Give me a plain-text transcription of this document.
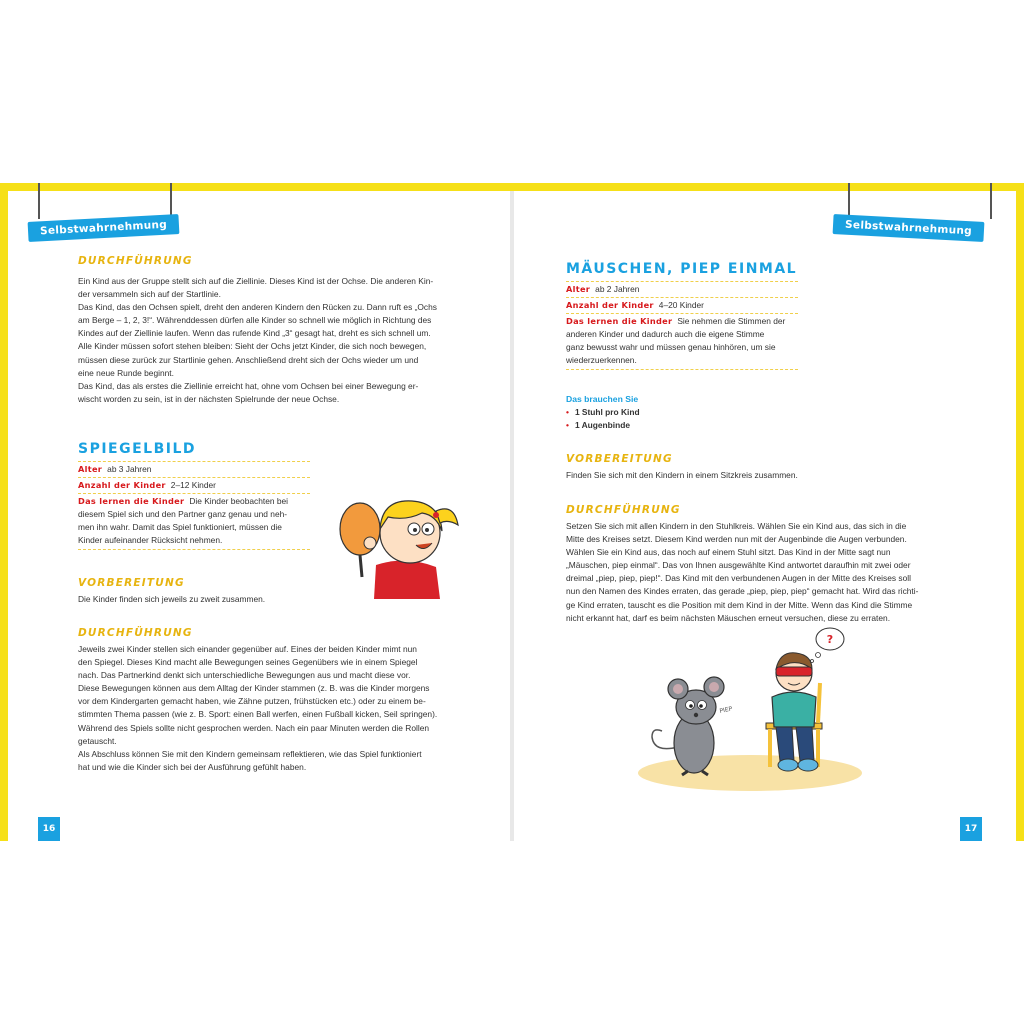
Selbstwahrnehmung
DURCHFÜHRUNG

Ein Kind aus der Gruppe stellt sich auf die Ziellinie. Dieses Kind ist der Ochse. Die anderen Kin-

der versammeln sich auf der Startlinie.

Das Kind, das den Ochsen spielt, dreht den anderen Kindern den Rücken zu. Dann ruft es „Ochs

am Berge – 1, 2, 3!“. Währenddessen dürfen alle Kinder so schnell wie möglich in Richtung des

Kindes auf der Ziellinie laufen. Wenn das rufende Kind „3“ gesagt hat, dreht es sich schnell um.

Alle Kinder müssen sofort stehen bleiben: Sieht der Ochs jetzt Kinder, die sich noch bewegen,

müssen diese zurück zur Startlinie gehen. Anschließend dreht sich der Ochs wieder um und

eine neue Runde beginnt.

Das Kind, das als erstes die Ziellinie erreicht hat, ohne vom Ochsen bei einer Bewegung er-

wischt worden zu sein, ist in der nächsten Spielrunde der neue Ochse.

SPIEGELBILD
Alter ab 3 Jahren
Anzahl der Kinder 2–12 Kinder
Das lernen die Kinder Die Kinder beobachten bei
diesem Spiel sich und den Partner ganz genau und neh-
men ihn wahr. Damit das Spiel funktioniert, müssen die
Kinder aufeinander Rücksicht nehmen.
VORBEREITUNG
Die Kinder finden sich jeweils zu zweit zusammen.
DURCHFÜHRUNG

Jeweils zwei Kinder stellen sich einander gegenüber auf. Eines der beiden Kinder mimt nun

den Spiegel. Dieses Kind macht alle Bewegungen seines Gegenübers wie in einem Spiegel

nach. Das Partnerkind denkt sich unterschiedliche Bewegungen aus und macht diese vor.

Diese Bewegungen können aus dem Alltag der Kinder stammen (z. B. was die Kinder morgens

vor dem Kindergarten gemacht haben, wie Zähne putzen, frühstücken etc.) oder zu einem be-

stimmten Thema passen (wie z. B. Sport: einen Ball werfen, einen Fußball kicken, Seil springen).

Während des Spiels sollte nicht gesprochen werden. Nach ein paar Minuten werden die Rollen

getauscht.

Als Abschluss können Sie mit den Kindern gemeinsam reflektieren, wie das Spiel funktioniert

hat und wie die Kinder sich bei der Ausführung gefühlt haben.

16
Selbstwahrnehmung
MÄUSCHEN, PIEP EINMAL
Alter ab 2 Jahren
Anzahl der Kinder 4–20 Kinder
Das lernen die Kinder Sie nehmen die Stimmen der
anderen Kinder und dadurch auch die eigene Stimme
ganz bewusst wahr und müssen genau hinhören, um sie
wiederzuerkennen.
Das brauchen Sie
• 1 Stuhl pro Kind
• 1 Augenbinde
VORBEREITUNG
Finden Sie sich mit den Kindern in einem Sitzkreis zusammen.
DURCHFÜHRUNG

Setzen Sie sich mit allen Kindern in den Stuhlkreis. Wählen Sie ein Kind aus, das sich in die

Mitte des Kreises setzt. Diesem Kind werden nun mit der Augenbinde die Augen verbunden.

Wählen Sie ein Kind aus, das noch auf einem Stuhl sitzt. Das Kind in der Mitte sagt nun

„Mäuschen, piep einmal“. Das von Ihnen ausgewählte Kind antwortet daraufhin mit zwei oder

dreimal „piep, piep, piep!“. Das Kind mit den verbundenen Augen in der Mitte des Kreises soll

nun den Namen des Kindes erraten, das gerade „piep, piep, piep“ gemacht hat. Wird das richti-

ge Kind erraten, tauscht es die Position mit dem Kind in der Mitte. Wenn das Kind die Stimme

nicht erkannt hat, darf es beim nächsten Mäuschen erneut versuchen, diese zu erraten.

PIEP
?
17
